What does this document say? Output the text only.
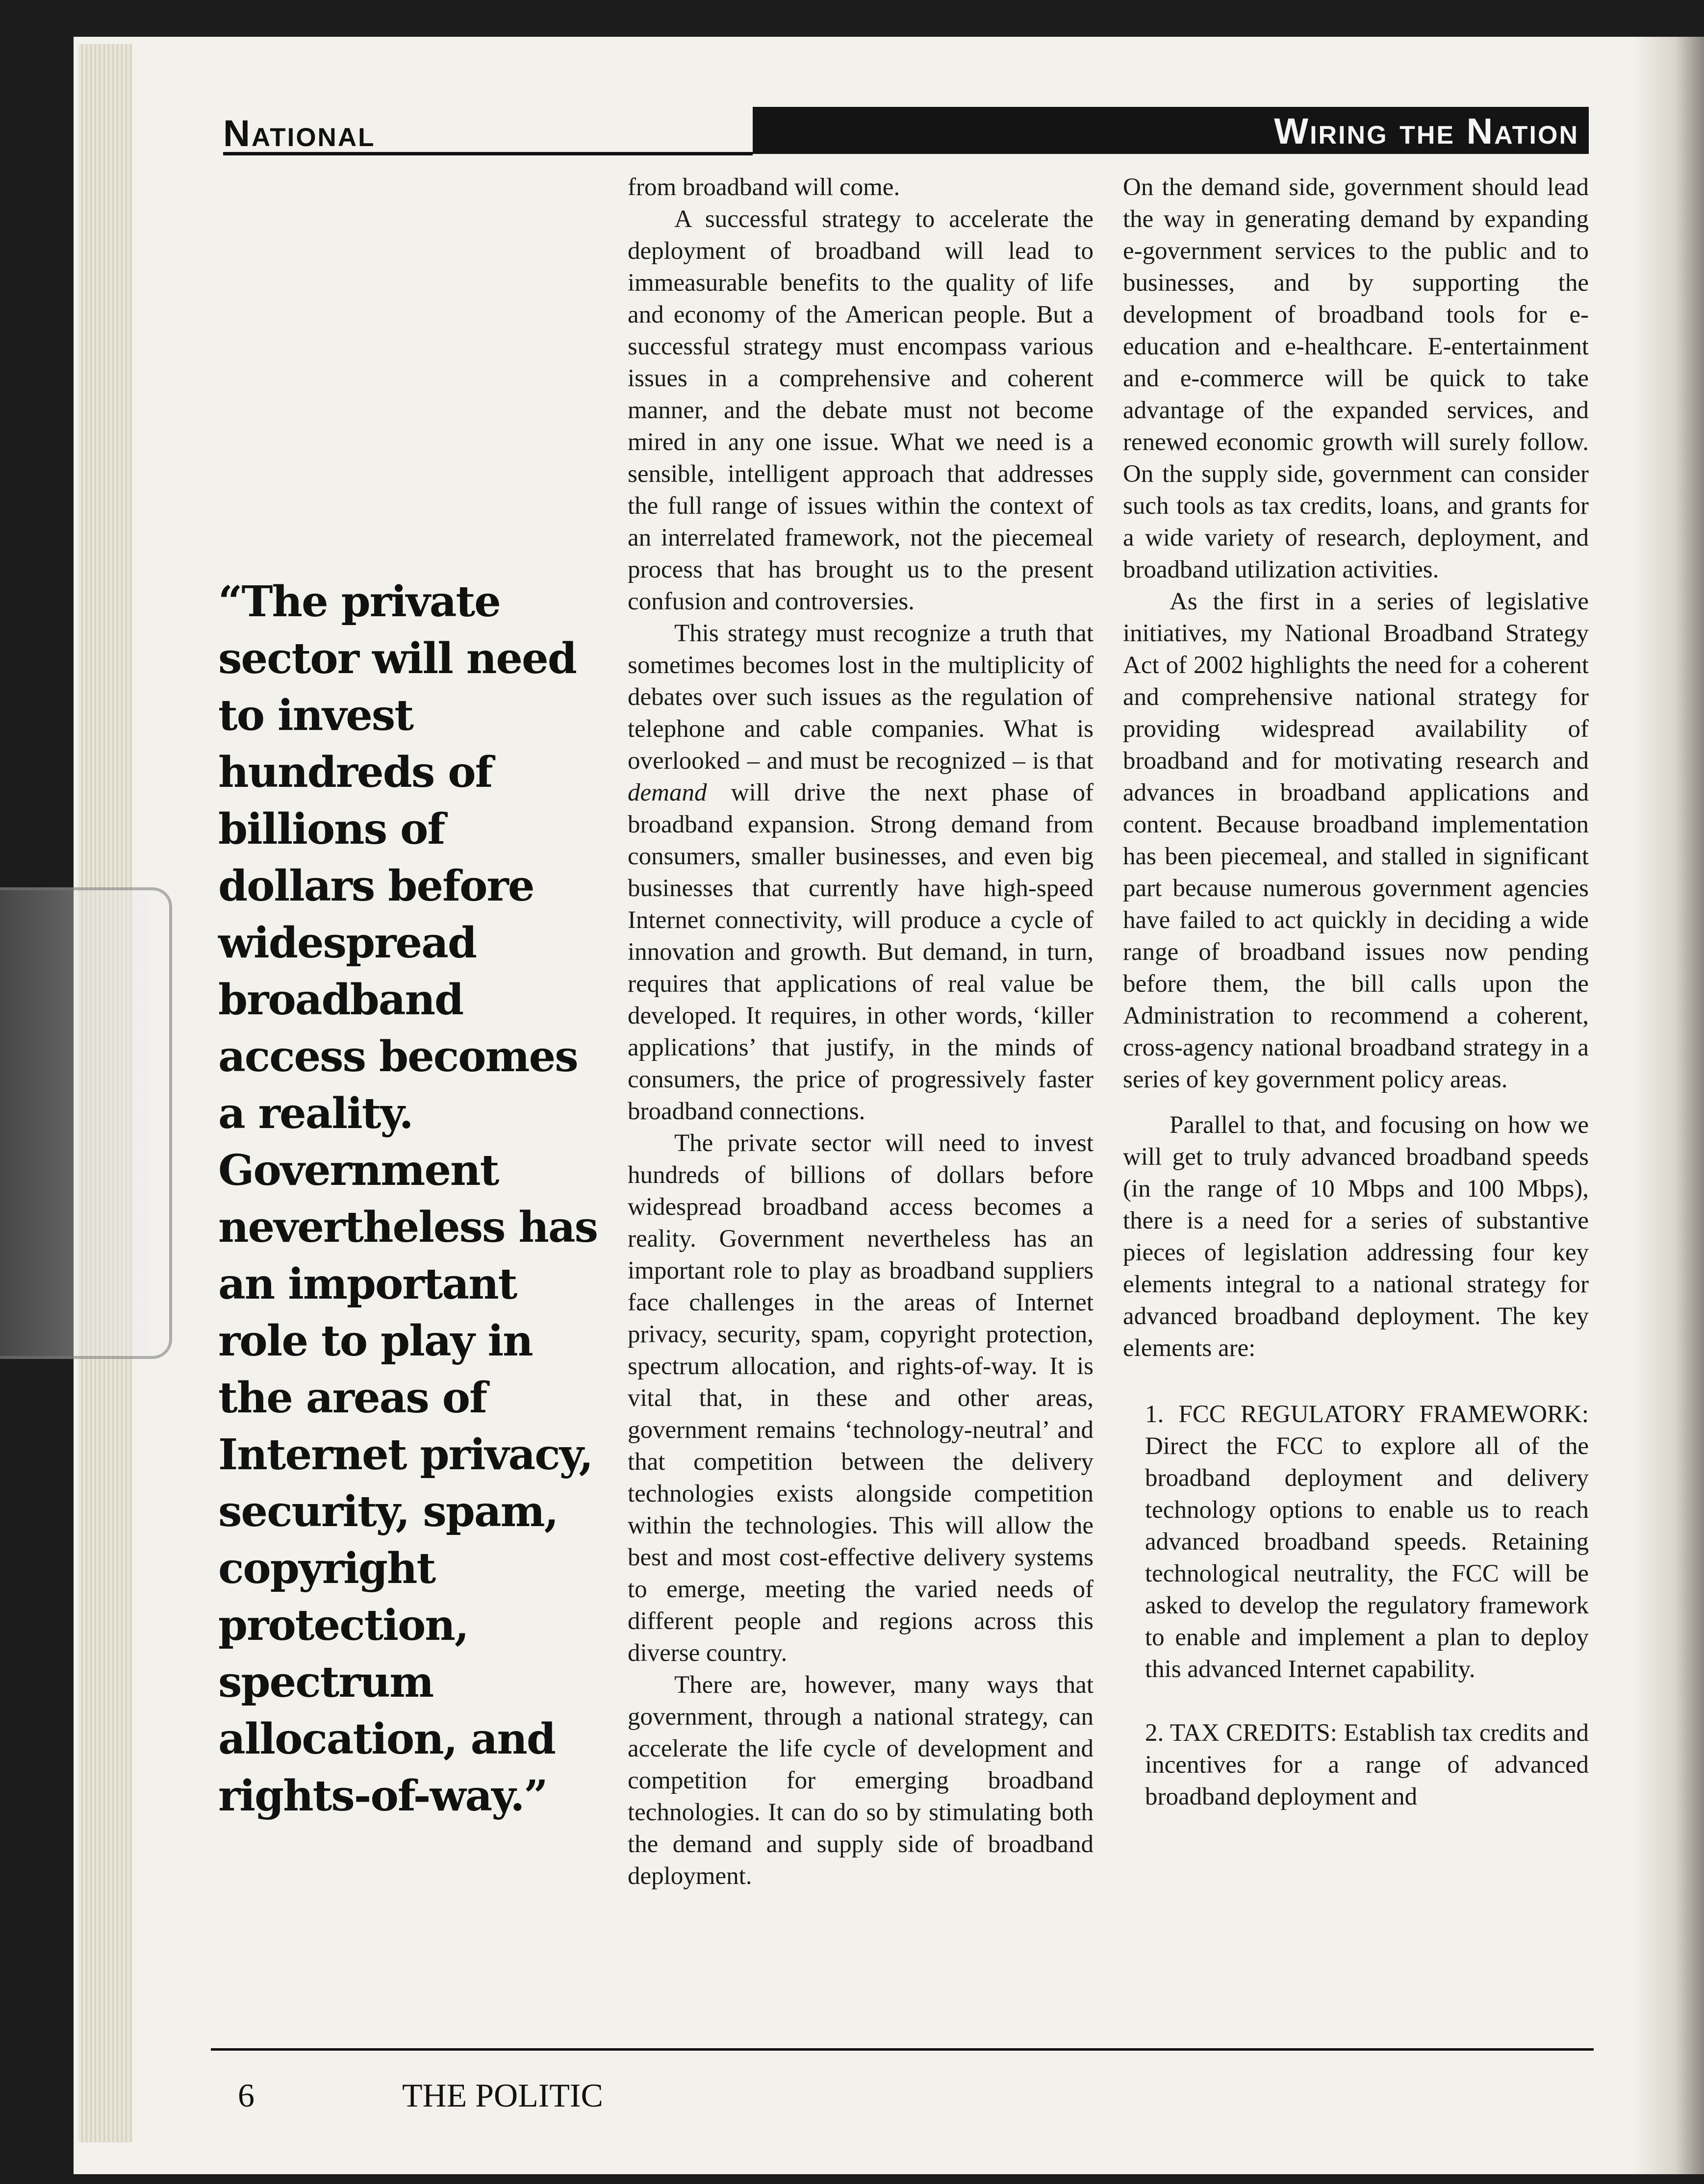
National	Wiring the Nation
“The private sector will need to invest hundreds of billions of dollars before widespread broadband access becomes a reality. Government nevertheless has an important role to play in the areas of Internet privacy, security, spam, copyright protection, spectrum allocation, and rights-of-way.”

from broadband will come.

A successful strategy to accelerate the deployment of broadband will lead to immeasurable benefits to the quality of life and economy of the American people. But a successful strategy must encompass various issues in a comprehensive and coherent manner, and the debate must not become mired in any one issue. What we need is a sensible, intelligent approach that addresses the full range of issues within the context of an interrelated framework, not the piecemeal process that has brought us to the present confusion and controversies.

This strategy must recognize a truth that sometimes becomes lost in the multiplicity of debates over such issues as the regulation of telephone and cable companies. What is overlooked – and must be recognized – is that demand will drive the next phase of broadband expansion. Strong demand from consumers, smaller businesses, and even big businesses that currently have high-speed Internet connectivity, will produce a cycle of innovation and growth. But demand, in turn, requires that applications of real value be developed. It requires, in other words, ‘killer applications’ that justify, in the minds of consumers, the price of progressively faster broadband connections.

The private sector will need to invest hundreds of billions of dollars before widespread broadband access becomes a reality. Government nevertheless has an important role to play as broadband suppliers face challenges in the areas of Internet privacy, security, spam, copyright protection, spectrum allocation, and rights-of-way. It is vital that, in these and other areas, government remains ‘technology-neutral’ and that competition between the delivery technologies exists alongside competition within the technologies. This will allow the best and most cost-effective delivery systems to emerge, meeting the varied needs of different people and regions across this diverse country.

There are, however, many ways that government, through a national strategy, can accelerate the life cycle of development and competition for emerging broadband technologies. It can do so by stimulating both the demand and supply side of broadband deployment.

On the demand side, government should lead the way in generating demand by expanding e-government services to the public and to businesses, and by supporting the development of broadband tools for e-education and e-healthcare. E-entertainment and e-commerce will be quick to take advantage of the expanded services, and renewed economic growth will surely follow. On the supply side, government can consider such tools as tax credits, loans, and grants for a wide variety of research, deployment, and broadband utilization activities.

As the first in a series of legislative initiatives, my National Broadband Strategy Act of 2002 highlights the need for a coherent and comprehensive national strategy for providing widespread availability of broadband and for motivating research and advances in broadband applications and content. Because broadband implementation has been piecemeal, and stalled in significant part because numerous government agencies have failed to act quickly in deciding a wide range of broadband issues now pending before them, the bill calls upon the Administration to recommend a coherent, cross-agency national broadband strategy in a series of key government policy areas.

Parallel to that, and focusing on how we will get to truly advanced broadband speeds (in the range of 10 Mbps and 100 Mbps), there is a need for a series of substantive pieces of legislation addressing four key elements integral to a national strategy for advanced broadband deployment. The key elements are:

1. FCC REGULATORY FRAMEWORK: Direct the FCC to explore all of the broadband deployment and delivery technology options to enable us to reach advanced broadband speeds. Retaining technological neutrality, the FCC will be asked to develop the regulatory framework to enable and implement a plan to deploy this advanced Internet capability.

2. TAX CREDITS: Establish tax credits and incentives for a range of advanced broadband deployment and

6	THE POLITIC
